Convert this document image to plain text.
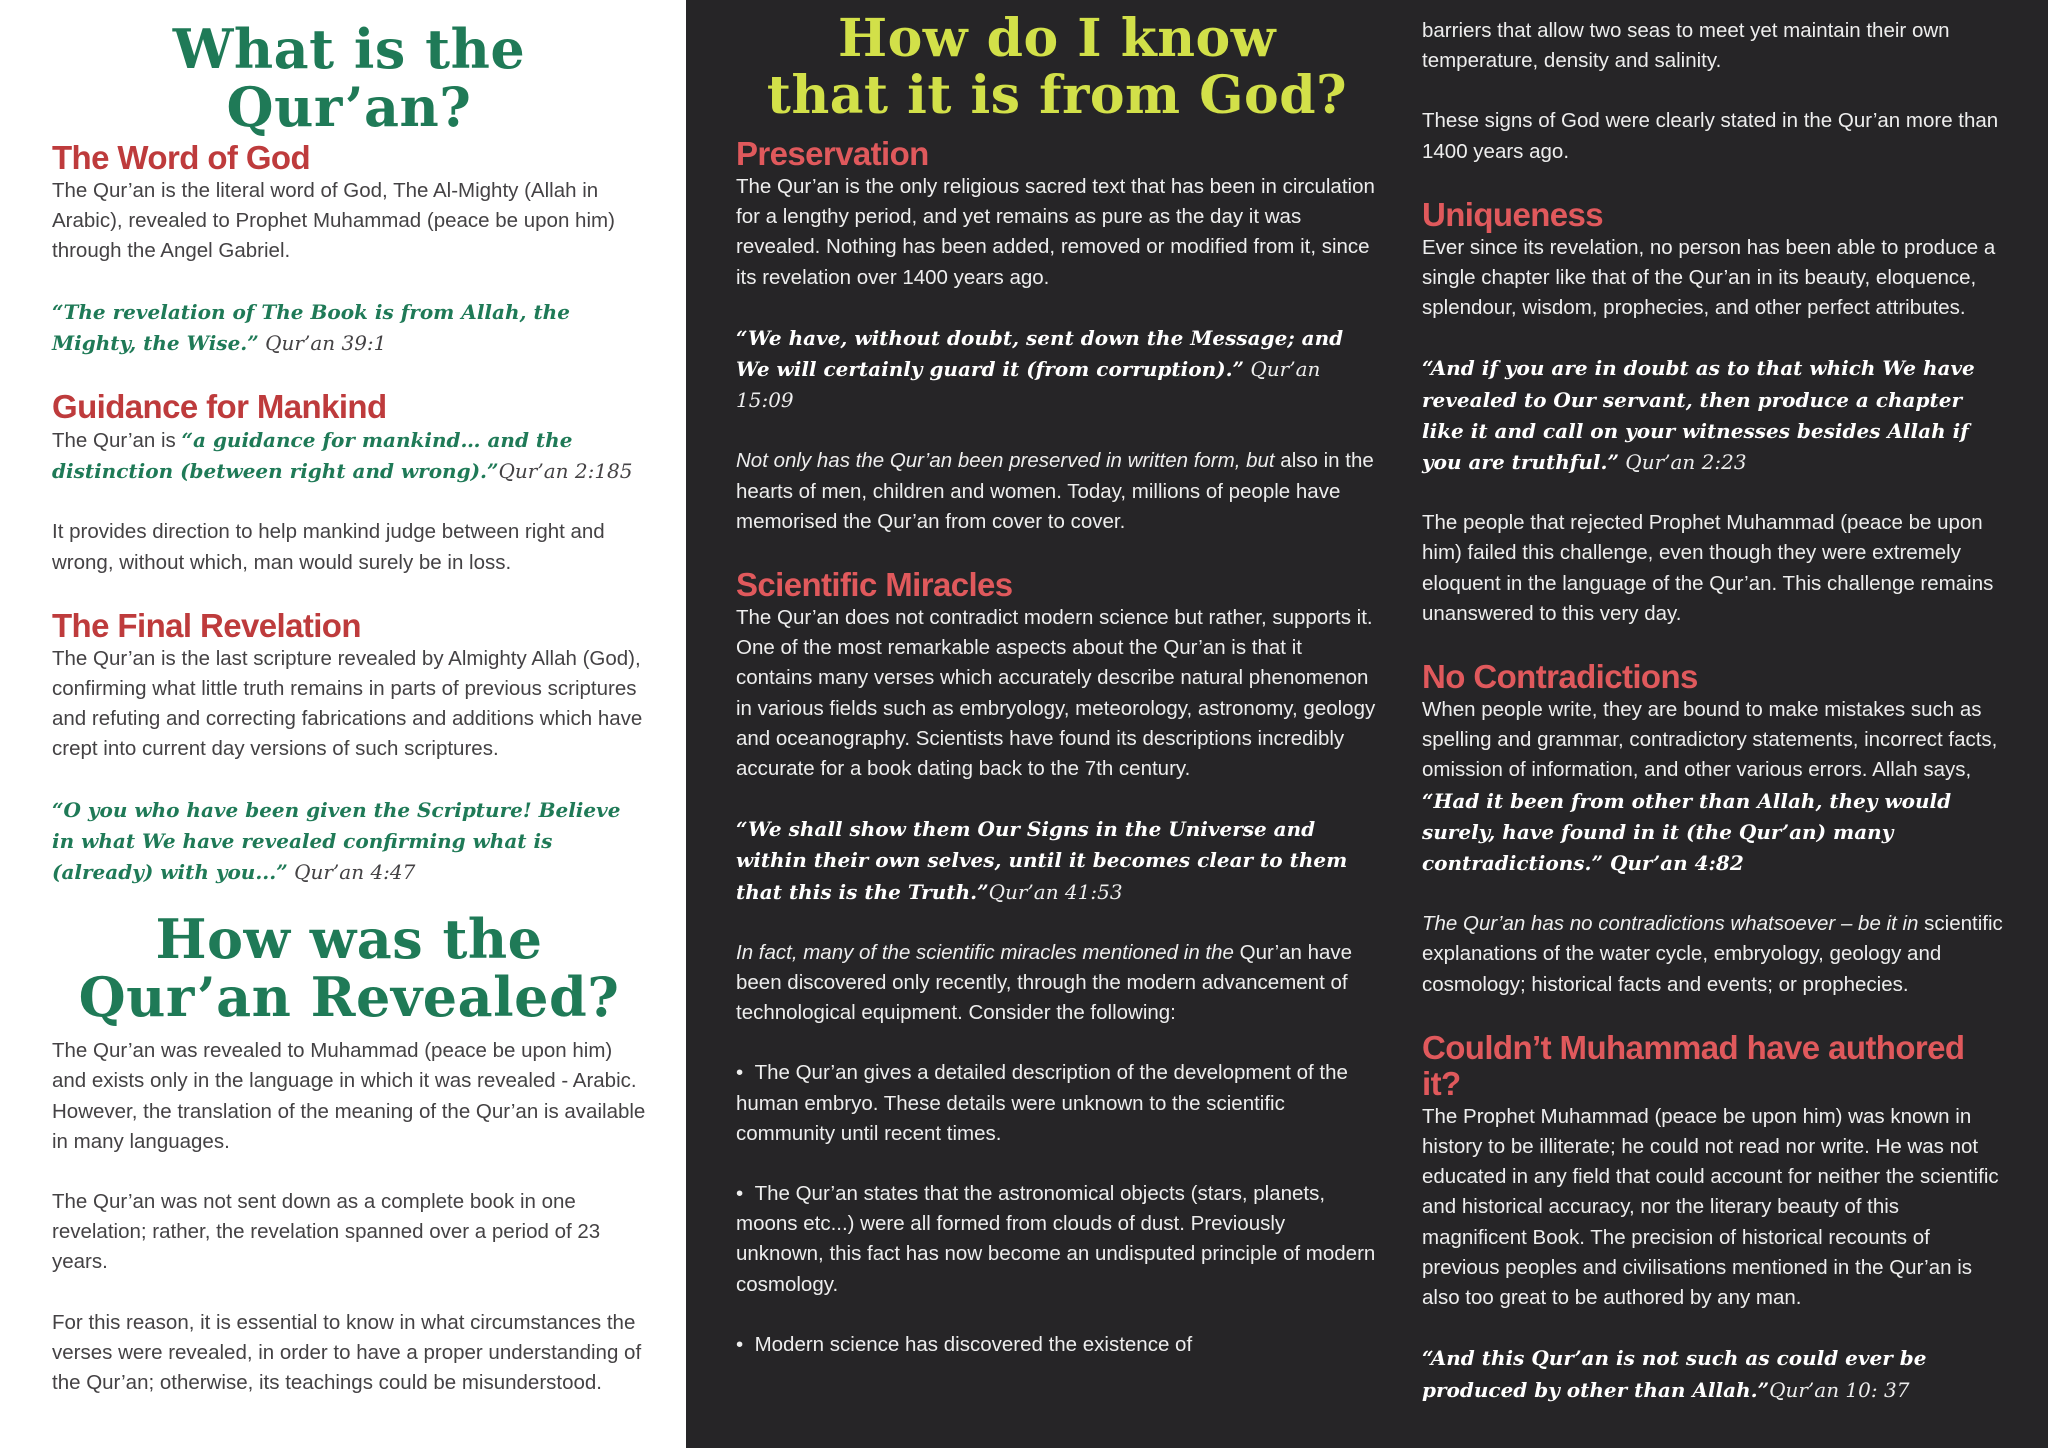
What is the Qur’an?
The Word of God

The Qur’an is the literal word of God, The Al-Mighty (Allah in Arabic), revealed to Prophet Muhammad (peace be upon him) through the Angel Gabriel.

“The revelation of The Book is from Allah, the Mighty, the Wise.” Qur’an 39:1

Guidance for Mankind

The Qur’an is “a guidance for mankind… and the distinction (between right and wrong).”Qur’an 2:185

It provides direction to help mankind judge between right and wrong, without which, man would surely be in loss.

The Final Revelation

The Qur’an is the last scripture revealed by Almighty Allah (God), confirming what little truth remains in parts of previous scriptures and refuting and correcting fabrications and additions which have crept into current day versions of such scriptures.

“O you who have been given the Scripture! Believe in what We have revealed confirming what is (already) with you...” Qur’an 4:47

How was the
Qur’an Revealed?

The Qur’an was revealed to Muhammad (peace be upon him) and exists only in the language in which it was revealed - Arabic. However, the translation of the meaning of the Qur’an is available in many languages.

The Qur’an was not sent down as a complete book in one revelation; rather, the revelation spanned over a period of 23 years.

For this reason, it is essential to know in what circumstances the verses were revealed, in order to have a proper understanding of the Qur’an; otherwise, its teachings could be misunderstood.

How do I know
that it is from God?
Preservation

The Qur’an is the only religious sacred text that has been in circulation for a lengthy period, and yet remains as pure as the day it was revealed. Nothing has been added, removed or modified from it, since its revelation over 1400 years ago.

“We have, without doubt, sent down the Message; and We will certainly guard it (from corruption).” Qur’an 15:09

Not only has the Qur’an been preserved in written form, but also in the hearts of men, children and women. Today, millions of people have memorised the Qur’an from cover to cover.

Scientific Miracles

The Qur’an does not contradict modern science but rather, supports it. One of the most remarkable aspects about the Qur’an is that it contains many verses which accurately describe natural phenomenon in various fields such as embryology, meteorology, astronomy, geology and oceanography. Scientists have found its descriptions incredibly accurate for a book dating back to the 7th century.

“We shall show them Our Signs in the Universe and within their own selves, until it becomes clear to them that this is the Truth.”Qur’an 41:53

In fact, many of the scientific miracles mentioned in the Qur’an have been discovered only recently, through the modern advancement of technological equipment. Consider the following:

•  The Qur’an gives a detailed description of the development of the human embryo. These details were unknown to the scientific community until recent times.

•  The Qur’an states that the astronomical objects (stars, planets, moons etc...) were all formed from clouds of dust. Previously unknown, this fact has now become an undisputed principle of modern cosmology.

•  Modern science has discovered the existence of

barriers that allow two seas to meet yet maintain their own temperature, density and salinity.

These signs of God were clearly stated in the Qur’an more than 1400 years ago.

Uniqueness

Ever since its revelation, no person has been able to produce a single chapter like that of the Qur’an in its beauty, eloquence, splendour, wisdom, prophecies, and other perfect attributes.

“And if you are in doubt as to that which We have revealed to Our servant, then produce a chapter like it and call on your witnesses besides Allah if you are truthful.” Qur’an 2:23

The people that rejected Prophet Muhammad (peace be upon him) failed this challenge, even though they were extremely eloquent in the language of the Qur’an. This challenge remains unanswered to this very day.

No Contradictions

When people write, they are bound to make mistakes such as spelling and grammar, contradictory statements, incorrect facts, omission of information, and other various errors. Allah says, “Had it been from other than Allah, they would surely, have found in it (the Qur’an) many contradictions.” Qur’an 4:82

The Qur’an has no contradictions whatsoever – be it in scientific explanations of the water cycle, embryology, geology and cosmology; historical facts and events; or prophecies.

Couldn’t Muhammad have authored it?

The Prophet Muhammad (peace be upon him) was known in history to be illiterate; he could not read nor write. He was not educated in any field that could account for neither the scientific and historical accuracy, nor the literary beauty of this magnificent Book. The precision of historical recounts of previous peoples and civilisations mentioned in the Qur’an is also too great to be authored by any man.

“And this Qur’an is not such as could ever be produced by other than Allah.”Qur’an 10: 37
